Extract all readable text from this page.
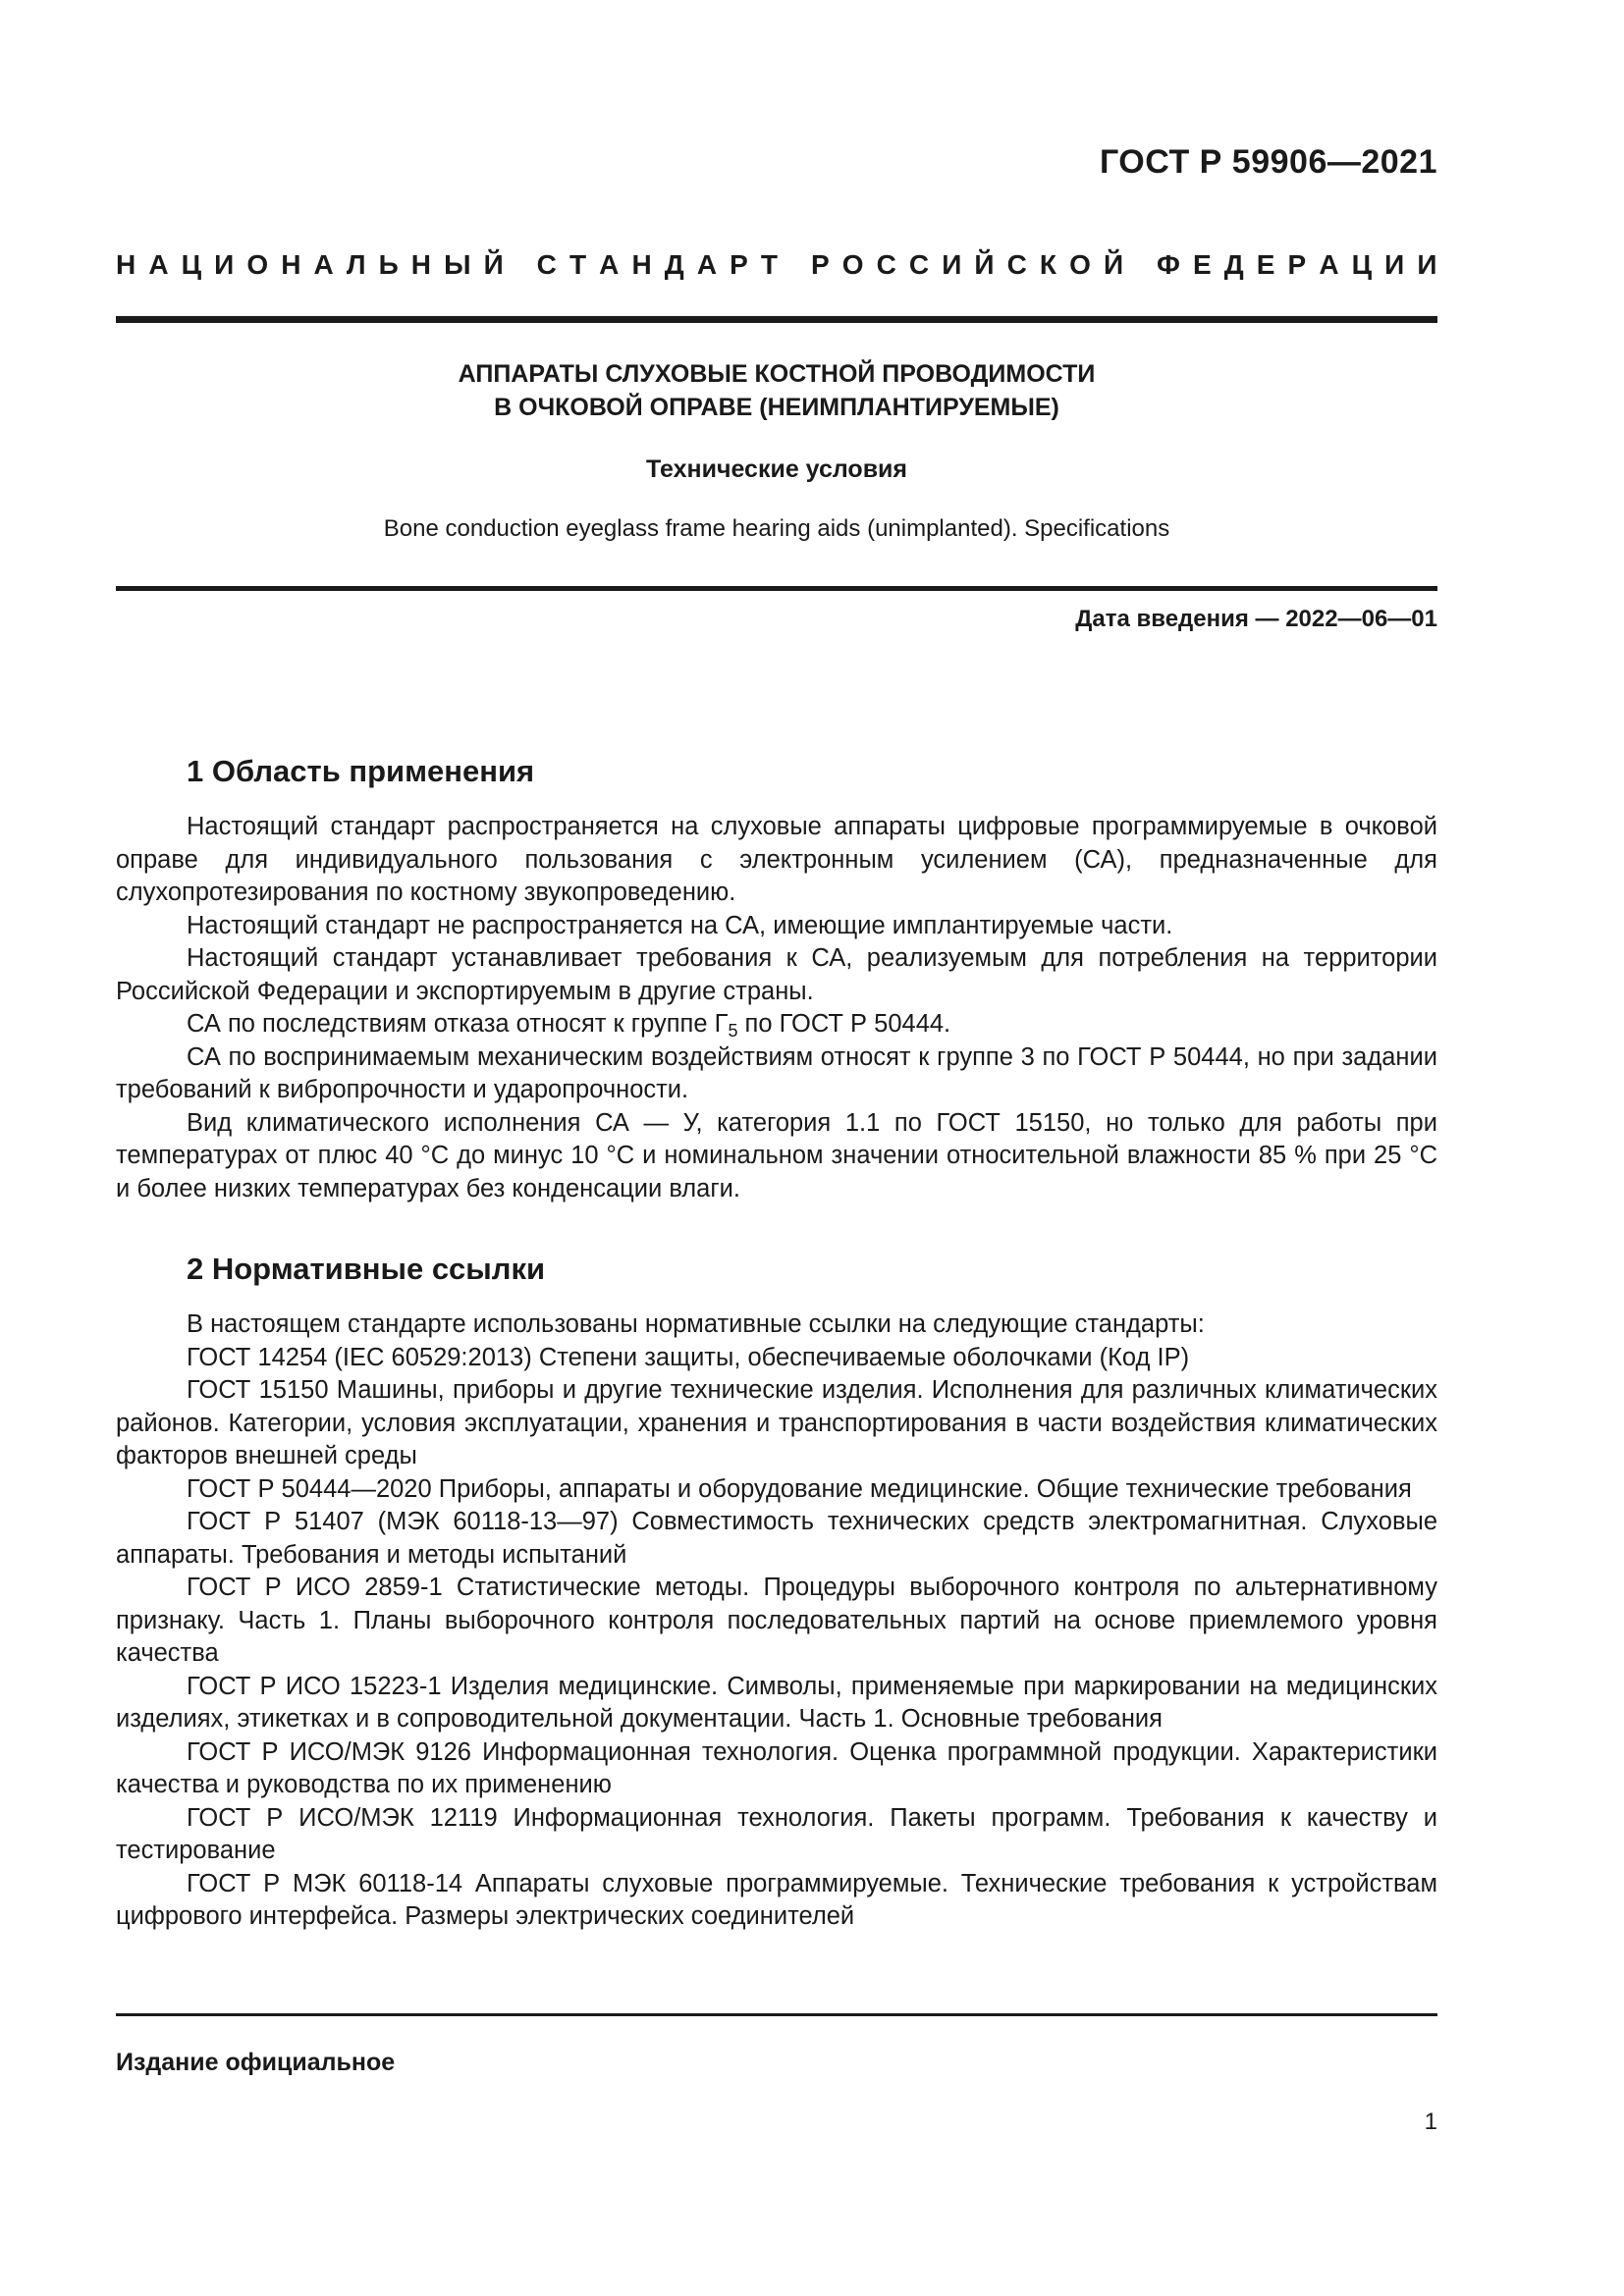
ГОСТ Р 59906—2021
Н А Ц И О Н А Л Ь Н Ы Й
С Т А Н Д А Р Т
Р О С С И Й С К О Й
Ф Е Д Е Р А Ц И И
АППАРАТЫ СЛУХОВЫЕ КОСТНОЙ ПРОВОДИМОСТИ
В ОЧКОВОЙ ОПРАВЕ (НЕИМПЛАНТИРУЕМЫЕ)
Технические условия
Bone conduction eyeglass frame hearing aids (unimplanted). Specifications
Дата введения — 2022—06—01
1 Область применения

Настоящий стандарт распространяется на слуховые аппараты цифровые программируемые в очковой оправе для индивидуального пользования с электронным усилением (СА), предназначенные для слухопротезирования по костному звукопроведению.

Настоящий стандарт не распространяется на СА, имеющие имплантируемые части.

Настоящий стандарт устанавливает требования к СА, реализуемым для потребления на территории Российской Федерации и экспортируемым в другие страны.

СА по последствиям отказа относят к группе $Г_5$ по ГОСТ Р 50444.

СА по воспринимаемым механическим воздействиям относят к группе 3 по ГОСТ Р 50444, но при задании требований к вибропрочности и ударопрочности.

Вид климатического исполнения СА — У, категория 1.1 по ГОСТ 15150, но только для работы при температурах от плюс 40 °С до минус 10 °С и номинальном значении относительной влажности 85 % при 25 °С и более низких температурах без конденсации влаги.

2 Нормативные ссылки

В настоящем стандарте использованы нормативные ссылки на следующие стандарты:

ГОСТ 14254 (IEC 60529:2013) Степени защиты, обеспечиваемые оболочками (Код IP)

ГОСТ 15150 Машины, приборы и другие технические изделия. Исполнения для различных климатических районов. Категории, условия эксплуатации, хранения и транспортирования в части воздействия климатических факторов внешней среды

ГОСТ Р 50444—2020 Приборы, аппараты и оборудование медицинские. Общие технические требования

ГОСТ Р 51407 (МЭК 60118-13—97) Совместимость технических средств электромагнитная. Слуховые аппараты. Требования и методы испытаний

ГОСТ Р ИСО 2859-1 Статистические методы. Процедуры выборочного контроля по альтернативному признаку. Часть 1. Планы выборочного контроля последовательных партий на основе приемлемого уровня качества

ГОСТ Р ИСО 15223-1 Изделия медицинские. Символы, применяемые при маркировании на медицинских изделиях, этикетках и в сопроводительной документации. Часть 1. Основные требования

ГОСТ Р ИСО/МЭК 9126 Информационная технология. Оценка программной продукции. Характеристики качества и руководства по их применению

ГОСТ Р ИСО/МЭК 12119 Информационная технология. Пакеты программ. Требования к качеству и тестирование

ГОСТ Р МЭК 60118-14 Аппараты слуховые программируемые. Технические требования к устройствам цифрового интерфейса. Размеры электрических соединителей

Издание официальное
1
